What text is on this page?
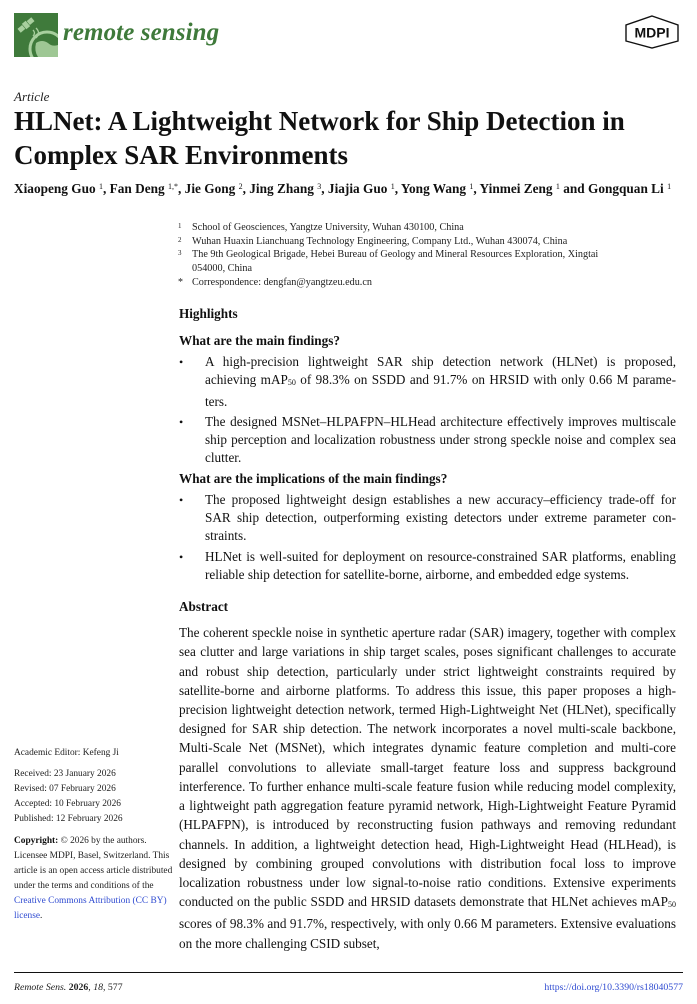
remote sensing	MDPI
Article
HLNet: A Lightweight Network for Ship Detection in Complex SAR Environments
Xiaopeng Guo $^1$, Fan Deng $^{1,*}$, Jie Gong $^2$, Jing Zhang $^3$, Jiajia Guo $^1$, Yong Wang $^1$, Yinmei Zeng $^1$ and Gongquan Li $^1$
1 School of Geosciences, Yangtze University, Wuhan 430100, China
2 Wuhan Huaxin Lianchuang Technology Engineering, Company Ltd., Wuhan 430074, China
3 The 9th Geological Brigade, Hebei Bureau of Geology and Mineral Resources Exploration, Xingtai 054000, China
* Correspondence: dengfan@yangtzeu.edu.cn
Highlights
What are the main findings?
• A high-precision lightweight SAR ship detection network (HLNet) is proposed, achieving mAP$_{50}$ of 98.3% on SSDD and 91.7% on HRSID with only 0.66 M parameters.
• The designed MSNet–HLPAFPN–HLHead architecture effectively improves multiscale ship perception and localization robustness under strong speckle noise and complex sea clutter.
What are the implications of the main findings?
• The proposed lightweight design establishes a new accuracy–efficiency trade-off for SAR ship detection, outperforming existing detectors under extreme parameter constraints.
• HLNet is well-suited for deployment on resource-constrained SAR platforms, enabling reliable ship detection for satellite-borne, airborne, and embedded edge systems.
Abstract

The coherent speckle noise in synthetic aperture radar (SAR) imagery, together with complex sea clutter and large variations in ship target scales, poses significant challenges to accurate and robust ship detection, particularly under strict lightweight constraints required by satellite-borne and airborne platforms. To address this issue, this paper proposes a high-precision lightweight detection network, termed High-Lightweight Net (HLNet), specifically designed for SAR ship detection. The network incorporates a novel multi-scale backbone, Multi-Scale Net (MSNet), which integrates dynamic feature completion and multi-core parallel convolutions to alleviate small-target feature loss and suppress background interference. To further enhance multi-scale feature fusion while reducing model complexity, a lightweight path aggregation feature pyramid network, High-Lightweight Feature Pyramid (HLPAFPN), is introduced by reconstructing fusion pathways and removing redundant channels. In addition, a lightweight detection head, High-Lightweight Head (HLHead), is designed by combining grouped convolutions with distribution focal loss to improve localization robustness under low signal-to-noise ratio conditions. Extensive experiments conducted on the public SSDD and HRSID datasets demonstrate that HLNet achieves mAP$_{50}$ scores of 98.3% and 91.7%, respectively, with only 0.66 M parameters. Extensive evaluations on the more challenging CSID subset,

Academic Editor: Kefeng Ji
Received: 23 January 2026
Revised: 07 February 2026
Accepted: 10 February 2026
Published: 12 February 2026
Copyright: © 2026 by the authors. Licensee MDPI, Basel, Switzerland. This article is an open access article distributed under the terms and conditions of the Creative Commons Attribution (CC BY) license.
Remote Sens. 2026, 18, 577	https://doi.org/10.3390/rs18040577
